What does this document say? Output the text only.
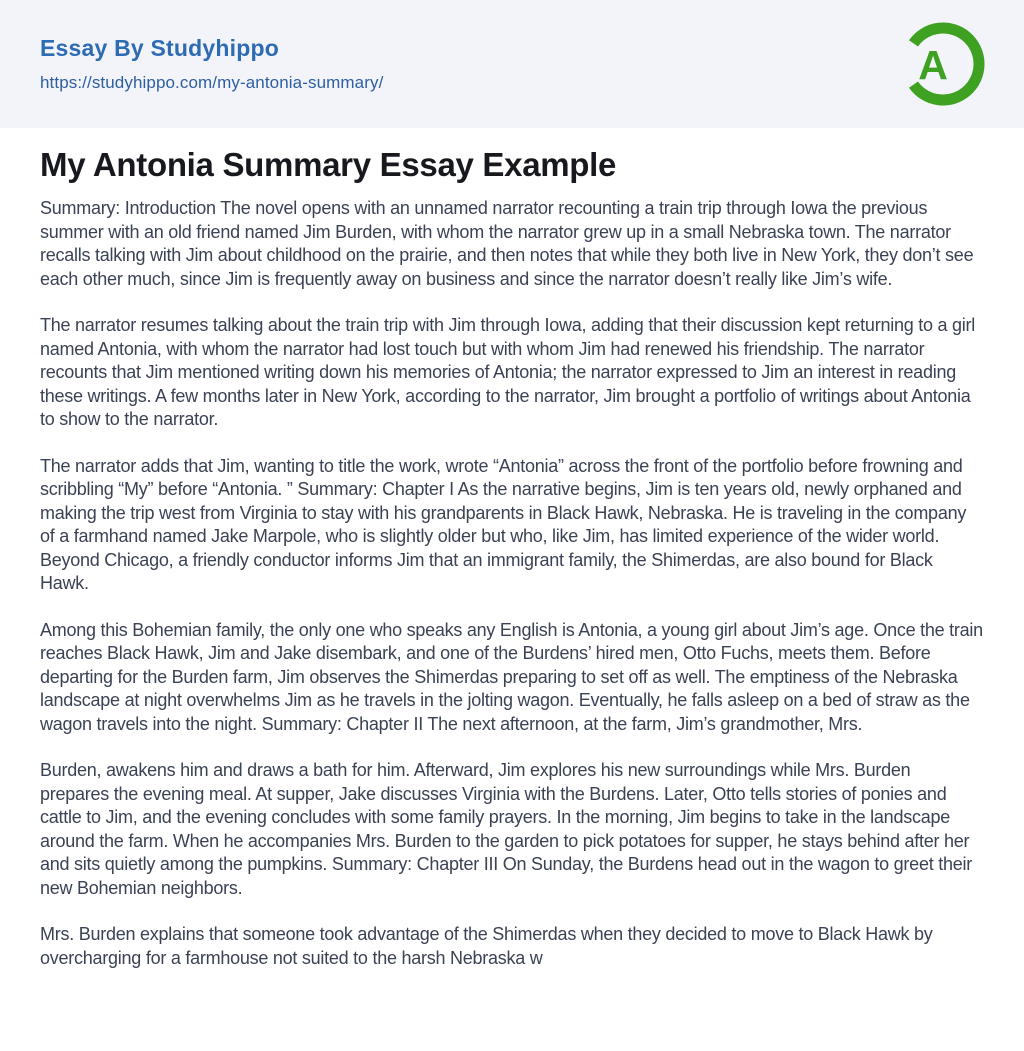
Essay By Studyhippo
https://studyhippo.com/my-antonia-summary/	A
My Antonia Summary Essay Example

Summary: Introduction The novel opens with an unnamed narrator recounting a train trip through Iowa the previous summer with an old friend named Jim Burden, with whom the narrator grew up in a small Nebraska town. The narrator recalls talking with Jim about childhood on the prairie, and then notes that while they both live in New York, they don’t see each other much, since Jim is frequently away on business and since the narrator doesn’t really like Jim’s wife.

The narrator resumes talking about the train trip with Jim through Iowa, adding that their discussion kept returning to a girl named Antonia, with whom the narrator had lost touch but with whom Jim had renewed his friendship. The narrator recounts that Jim mentioned writing down his memories of Antonia; the narrator expressed to Jim an interest in reading these writings. A few months later in New York, according to the narrator, Jim brought a portfolio of writings about Antonia to show to the narrator.

The narrator adds that Jim, wanting to title the work, wrote “Antonia” across the front of the portfolio before frowning and scribbling “My” before “Antonia. ” Summary: Chapter I As the narrative begins, Jim is ten years old, newly orphaned and making the trip west from Virginia to stay with his grandparents in Black Hawk, Nebraska. He is traveling in the company of a farmhand named Jake Marpole, who is slightly older but who, like Jim, has limited experience of the wider world. Beyond Chicago, a friendly conductor informs Jim that an immigrant family, the Shimerdas, are also bound for Black Hawk.

Among this Bohemian family, the only one who speaks any English is Antonia, a young girl about Jim’s age. Once the train reaches Black Hawk, Jim and Jake disembark, and one of the Burdens’ hired men, Otto Fuchs, meets them. Before departing for the Burden farm, Jim observes the Shimerdas preparing to set off as well. The emptiness of the Nebraska landscape at night overwhelms Jim as he travels in the jolting wagon. Eventually, he falls asleep on a bed of straw as the wagon travels into the night. Summary: Chapter II The next afternoon, at the farm, Jim’s grandmother, Mrs.

Burden, awakens him and draws a bath for him. Afterward, Jim explores his new surroundings while Mrs. Burden prepares the evening meal. At supper, Jake discusses Virginia with the Burdens. Later, Otto tells stories of ponies and cattle to Jim, and the evening concludes with some family prayers. In the morning, Jim begins to take in the landscape around the farm. When he accompanies Mrs. Burden to the garden to pick potatoes for supper, he stays behind after her and sits quietly among the pumpkins. Summary: Chapter III On Sunday, the Burdens head out in the wagon to greet their new Bohemian neighbors.

Mrs. Burden explains that someone took advantage of the Shimerdas when they decided to move to Black Hawk by overcharging for a farmhouse not suited to the harsh Nebraska w
